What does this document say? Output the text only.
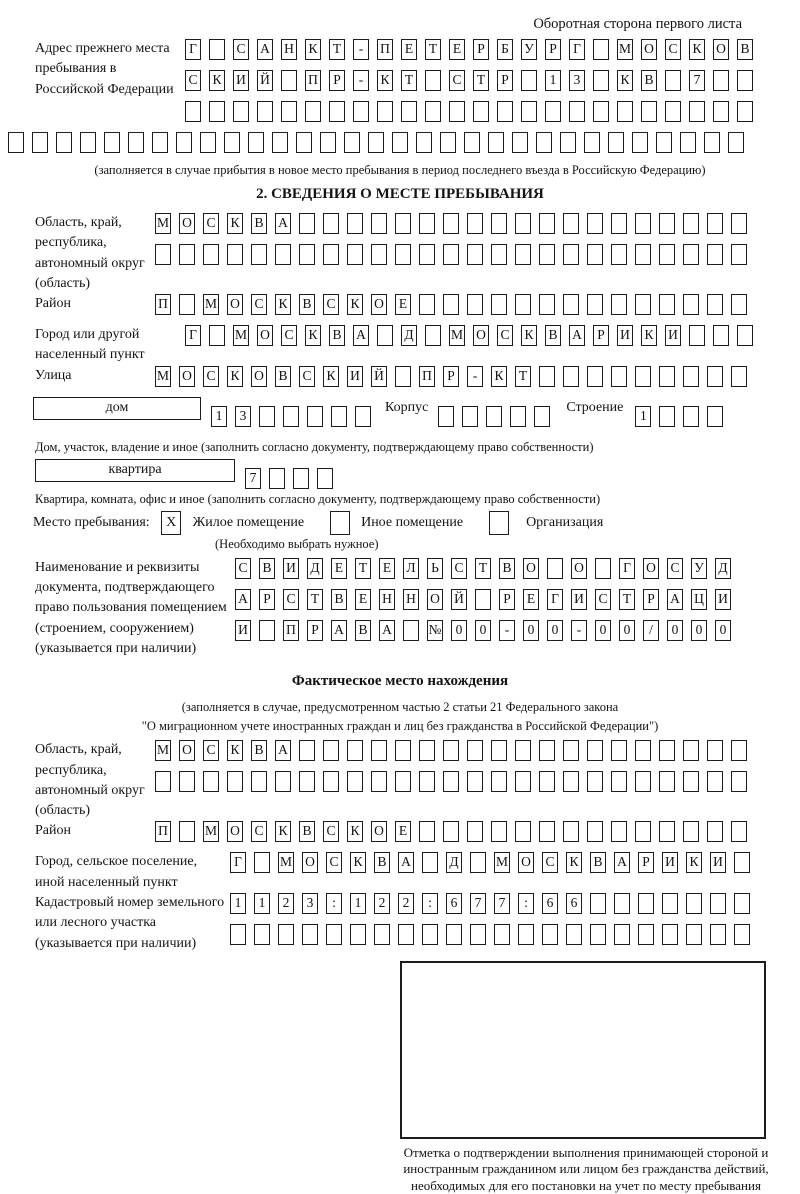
Оборотная сторона первого листа
Адрес прежнего места пребывания в Российской Федерации
Г	С А Н К Т - П Е Т Е Р Б У Р Г	М О С К О В
С К И Й	П Р - К Т	С Т Р	1 3	К В	7
(заполняется в случае прибытия в новое место пребывания в период последнего въезда в Российскую Федерацию)
2. СВЕДЕНИЯ О МЕСТЕ ПРЕБЫВАНИЯ
Область, край, республика, автономный округ (область)
М О С К В А
Район	П	М О С К В С К О Е
Город или другой населенный пункт
Г	М О С К В А	Д	М О С К В А Р И К И
Улица	М О С К О В С К И Й	П Р - К Т
дом 1 3 Корпус	Строение 1
Дом, участок, владение и иное (заполнить согласно документу, подтверждающему право собственности)
квартира 7
Квартира, комната, офис и иное (заполнить согласно документу, подтверждающему право собственности)
Место пребывания: X Жилое помещение	Иное помещение	Организация
(Необходимо выбрать нужное)
Наименование и реквизиты документа, подтверждающего право пользования помещением (строением, сооружением) (указывается при наличии)
С В И Д Е Т Е Л Ь С Т В О	О	Г О С У Д
А Р С Т В Е Н Н О Й	Р Е Г И С Т Р А Ц И
И	П Р А В А	№ 0 0 - 0 0 - 0 0 / 0 0 0
Фактическое место нахождения
(заполняется в случае, предусмотренном частью 2 статьи 21 Федерального закона
"О миграционном учете иностранных граждан и лиц без гражданства в Российской Федерации")
Область, край, республика, автономный округ (область)
М О С К В А
Район	П	М О С К В С К О Е
Город, сельское поселение, иной населенный пункт
Г	М О С К В А	Д	М О С К В А Р И К И
Кадастровый номер земельного или лесного участка (указывается при наличии)
1 1 2 3 : 1 2 2 : 6 7 7 : 6 6
Отметка о подтверждении выполнения принимающей стороной и иностранным гражданином или лицом без гражданства действий, необходимых для его постановки на учет по месту пребывания
